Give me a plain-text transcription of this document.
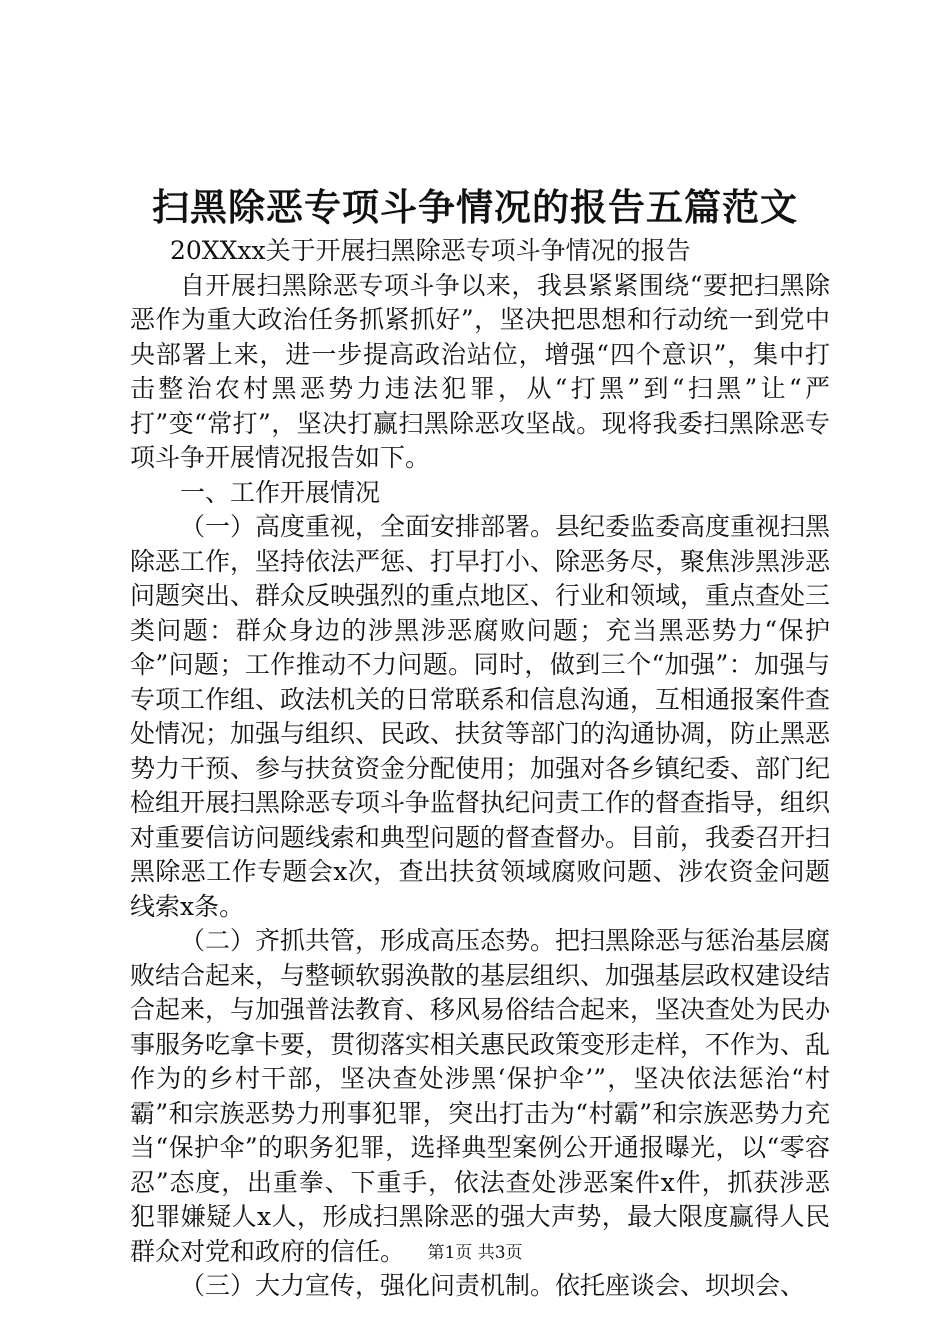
扫黑除恶专项斗争情况的报告五篇范文

20XXxx关于开展扫黑除恶专项斗争情况的报告

自开展扫黑除恶专项斗争以来，我县紧紧围绕“要把扫黑除恶作为重大政治任务抓紧抓好”，坚决把思想和行动统一到党中央部署上来，进一步提高政治站位，增强“四个意识”，集中打击整治农村黑恶势力违法犯罪，从“打黑”到“扫黑”让“严打”变“常打”，坚决打赢扫黑除恶攻坚战。现将我委扫黑除恶专项斗争开展情况报告如下。

一、工作开展情况

（一）高度重视，全面安排部署。县纪委监委高度重视扫黑除恶工作，坚持依法严惩、打早打小、除恶务尽，聚焦涉黑涉恶问题突出、群众反映强烈的重点地区、行业和领域，重点查处三类问题：群众身边的涉黑涉恶腐败问题；充当黑恶势力“保护伞”问题；工作推动不力问题。同时，做到三个“加强”：加强与专项工作组、政法机关的日常联系和信息沟通，互相通报案件查处情况；加强与组织、民政、扶贫等部门的沟通协凋，防止黑恶势力干预、参与扶贫资金分配使用；加强对各乡镇纪委、部门纪检组开展扫黑除恶专项斗争监督执纪问责工作的督查指导，组织对重要信访问题线索和典型问题的督查督办。目前，我委召开扫黑除恶工作专题会x次，查出扶贫领域腐败问题、涉农资金问题线索x条。

（二）齐抓共管，形成高压态势。把扫黑除恶与惩治基层腐败结合起来，与整顿软弱涣散的基层组织、加强基层政权建设结合起来，与加强普法教育、移风易俗结合起来，坚决查处为民办事服务吃拿卡要，贯彻落实相关惠民政策变形走样，不作为、乱作为的乡村干部，坚决查处涉黑‘保护伞’”，坚决依法惩治“村霸”和宗族恶势力刑事犯罪，突出打击为“村霸”和宗族恶势力充当“保护伞”的职务犯罪，选择典型案例公开通报曝光，以“零容忍”态度，出重拳、下重手，依法查处涉恶案件x件，抓获涉恶犯罪嫌疑人x人，形成扫黑除恶的强大声势，最大限度赢得人民群众对党和政府的信任。

（三）大力宣传，强化问责机制。依托座谈会、坝坝会、

第1页 共3页
